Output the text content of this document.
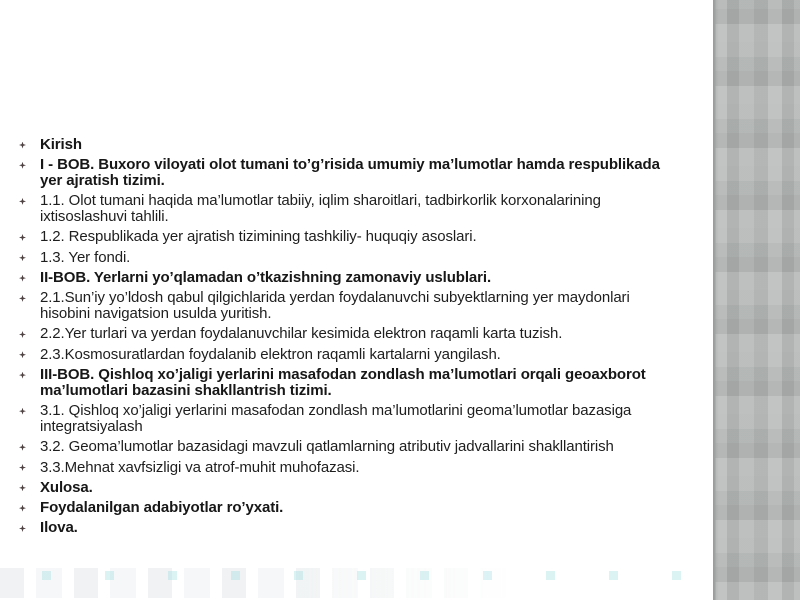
Kirish
I - BOB. Buxoro viloyati olot tumani to’g’risida umumiy ma’lumotlar hamda respublikada yer ajratish tizimi.
1.1. Olot tumani haqida ma’lumotlar tabiiy, iqlim sharoitlari, tadbirkorlik korxonalarining ixtisoslashuvi tahlili.
1.2. Respublikada yer ajratish tizimining tashkiliy- huquqiy asoslari.
1.3. Yer fondi.
II-BOB. Yerlarni yo’qlamadan o’tkazishning zamonaviy uslublari.
2.1.Sun’iy yo’ldosh qabul qilgichlarida yerdan foydalanuvchi subyektlarning yer maydonlari hisobini navigatsion usulda yuritish.
2.2.Yer turlari va yerdan foydalanuvchilar kesimida elektron raqamli karta tuzish.
2.3.Kosmosuratlardan foydalanib elektron raqamli kartalarni yangilash.
III-BOB. Qishloq xo’jaligi yerlarini masafodan zondlash ma’lumotlari orqali geoaxborot ma’lumotlari bazasini shakllantrish tizimi.
3.1. Qishloq xo’jaligi yerlarini masafodan zondlash ma’lumotlarini geoma’lumotlar bazasiga integratsiyalash
3.2. Geoma’lumotlar bazasidagi mavzuli qatlamlarning atributiv jadvallarini shakllantirish
3.3.Mehnat xavfsizligi va atrof-muhit muhofazasi.
Xulosa.
Foydalanilgan adabiyotlar ro’yxati.
Ilova.
